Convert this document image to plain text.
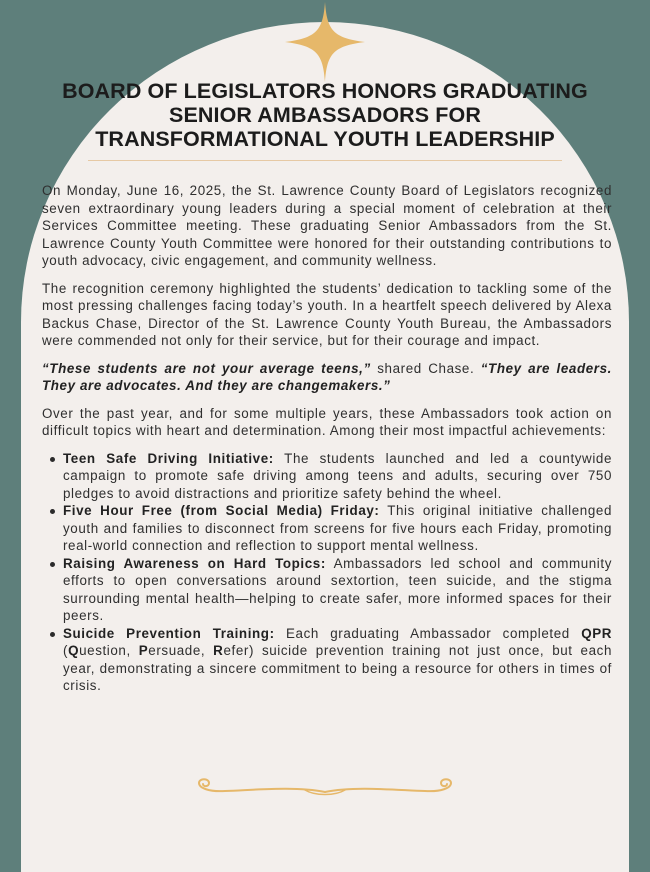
BOARD OF LEGISLATORS HONORS GRADUATING SENIOR AMBASSADORS FOR TRANSFORMATIONAL YOUTH LEADERSHIP

On Monday, June 16, 2025, the St. Lawrence County Board of Legislators recognized seven extraordinary young leaders during a special moment of celebration at their Services Committee meeting. These graduating Senior Ambassadors from the St. Lawrence County Youth Committee were honored for their outstanding contributions to youth advocacy, civic engagement, and community wellness.

The recognition ceremony highlighted the students’ dedication to tackling some of the most pressing challenges facing today’s youth. In a heartfelt speech delivered by Alexa Backus Chase, Director of the St. Lawrence County Youth Bureau, the Ambassadors were commended not only for their service, but for their courage and impact.

“These students are not your average teens,” shared Chase. “They are leaders. They are advocates. And they are changemakers.”

Over the past year, and for some multiple years, these Ambassadors took action on difficult topics with heart and determination. Among their most impactful achievements:

Teen Safe Driving Initiative: The students launched and led a countywide campaign to promote safe driving among teens and adults, securing over 750 pledges to avoid distractions and prioritize safety behind the wheel.
Five Hour Free (from Social Media) Friday: This original initiative challenged youth and families to disconnect from screens for five hours each Friday, promoting real-world connection and reflection to support mental wellness.
Raising Awareness on Hard Topics: Ambassadors led school and community efforts to open conversations around sextortion, teen suicide, and the stigma surrounding mental health—helping to create safer, more informed spaces for their peers.
Suicide Prevention Training: Each graduating Ambassador completed QPR (Question, Persuade, Refer) suicide prevention training not just once, but each year, demonstrating a sincere commitment to being a resource for others in times of crisis.
